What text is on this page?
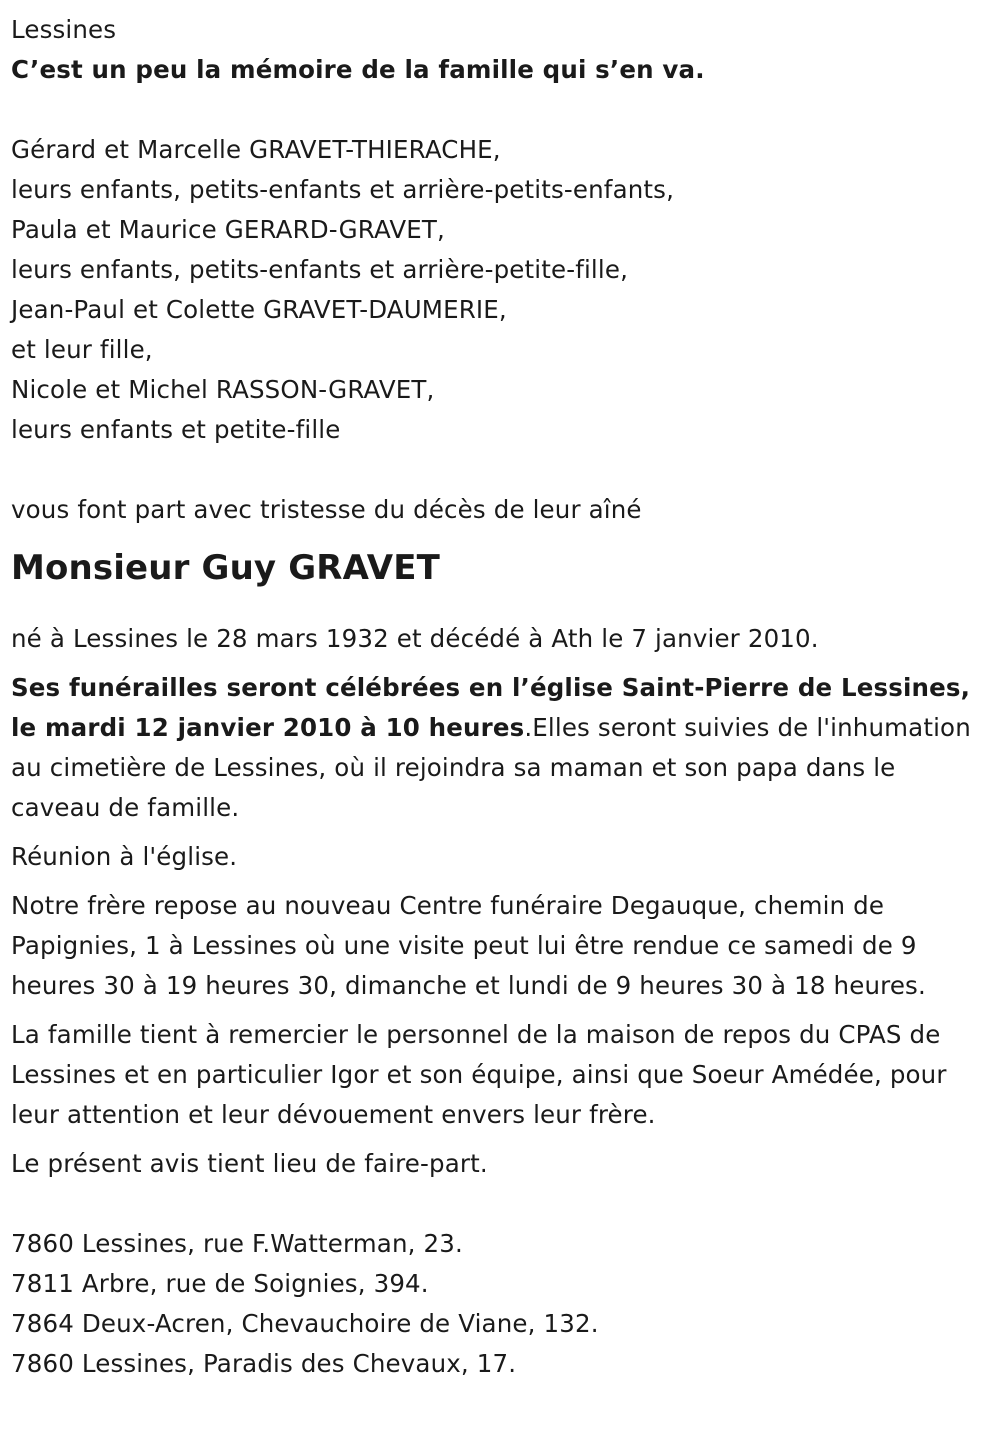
Lessines
C’est un peu la mémoire de la famille qui s’en va.
Gérard et Marcelle GRAVET-THIERACHE,
leurs enfants, petits-enfants et arrière-petits-enfants,
Paula et Maurice GERARD-GRAVET,
leurs enfants, petits-enfants et arrière-petite-fille,
Jean-Paul et Colette GRAVET-DAUMERIE,
et leur fille,
Nicole et Michel RASSON-GRAVET,
leurs enfants et petite-fille
vous font part avec tristesse du décès de leur aîné
Monsieur Guy GRAVET
né à Lessines le 28 mars 1932 et décédé à Ath le 7 janvier 2010.
Ses funérailles seront célébrées en l’église Saint-Pierre de Lessines, le mardi 12 janvier 2010 à 10 heures.Elles seront suivies de l'inhumation au cimetière de Lessines, où il rejoindra sa maman et son papa dans le caveau de famille.
Réunion à l'église.
Notre frère repose au nouveau Centre funéraire Degauque, chemin de Papignies, 1 à Lessines où une visite peut lui être rendue ce samedi de 9 heures 30 à 19 heures 30, dimanche et lundi de 9 heures 30 à 18 heures.
La famille tient à remercier le personnel de la maison de repos du CPAS de Lessines et en particulier Igor et son équipe, ainsi que Soeur Amédée, pour leur attention et leur dévouement envers leur frère.
Le présent avis tient lieu de faire-part.
7860 Lessines, rue F.Watterman, 23.
7811 Arbre, rue de Soignies, 394.
7864 Deux-Acren, Chevauchoire de Viane, 132.
7860 Lessines, Paradis des Chevaux, 17.
